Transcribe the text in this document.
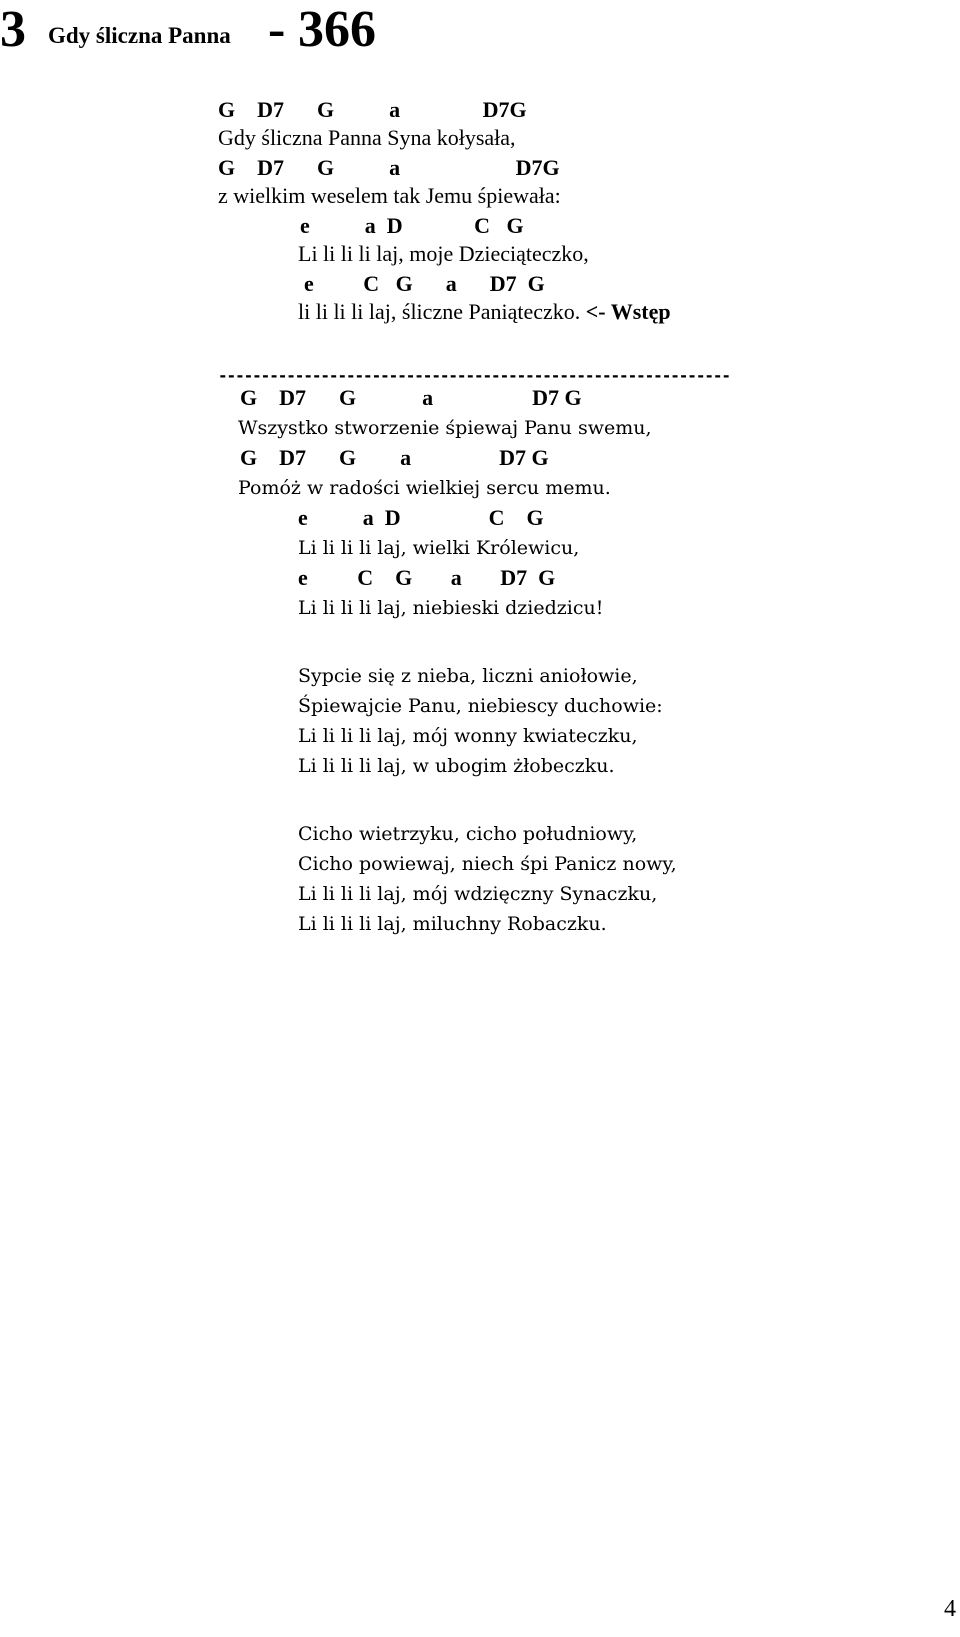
3 Gdy śliczna Panna - 366
G    D7      G          a               D7G
Gdy śliczna Panna Syna kołysała,
G    D7      G          a                     D7G
z wielkim weselem tak Jemu śpiewała:
e          a  D             C   G
Li li li li laj, moje Dzieciąteczko,
e         C   G      a      D7  G
li li li li laj, śliczne Paniąteczko. <- Wstęp
------------------------------------------------------------
G    D7      G            a                  D7 G
Wszystko stworzenie śpiewaj Panu swemu,
G    D7      G        a                D7 G
Pomóż w radości wielkiej sercu memu.
e          a  D                C    G
Li li li li laj, wielki Królewicu,
e         C    G       a       D7  G
Li li li li laj, niebieski dziedzicu!
Sypcie się z nieba, liczni aniołowie,
Śpiewajcie Panu, niebiescy duchowie:
Li li li li laj, mój wonny kwiateczku,
Li li li li laj, w ubogim żłobeczku.
Cicho wietrzyku, cicho południowy,
Cicho powiewaj, niech śpi Panicz nowy,
Li li li li laj, mój wdzięczny Synaczku,
Li li li li laj, miluchny Robaczku.
4
